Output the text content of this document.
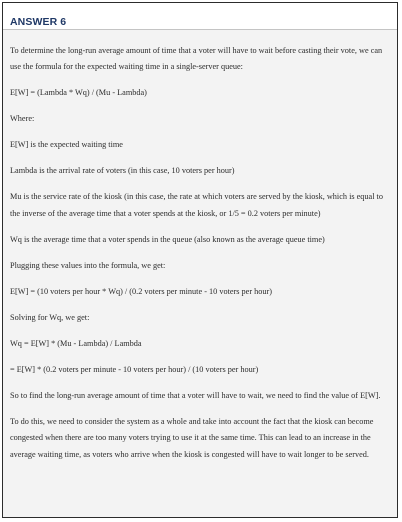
ANSWER 6

To determine the long-run average amount of time that a voter will have to wait before casting their vote, we can use the formula for the expected waiting time in a single-server queue:

E[W] = (Lambda * Wq) / (Mu - Lambda)

Where:

E[W] is the expected waiting time

Lambda is the arrival rate of voters (in this case, 10 voters per hour)

Mu is the service rate of the kiosk (in this case, the rate at which voters are served by the kiosk, which is equal to the inverse of the average time that a voter spends at the kiosk, or 1/5 = 0.2 voters per minute)

Wq is the average time that a voter spends in the queue (also known as the average queue time)

Plugging these values into the formula, we get:

E[W] = (10 voters per hour * Wq) / (0.2 voters per minute - 10 voters per hour)

Solving for Wq, we get:

Wq = E[W] * (Mu - Lambda) / Lambda

= E[W] * (0.2 voters per minute - 10 voters per hour) / (10 voters per hour)

So to find the long-run average amount of time that a voter will have to wait, we need to find the value of E[W].

To do this, we need to consider the system as a whole and take into account the fact that the kiosk can become congested when there are too many voters trying to use it at the same time. This can lead to an increase in the average waiting time, as voters who arrive when the kiosk is congested will have to wait longer to be served.
